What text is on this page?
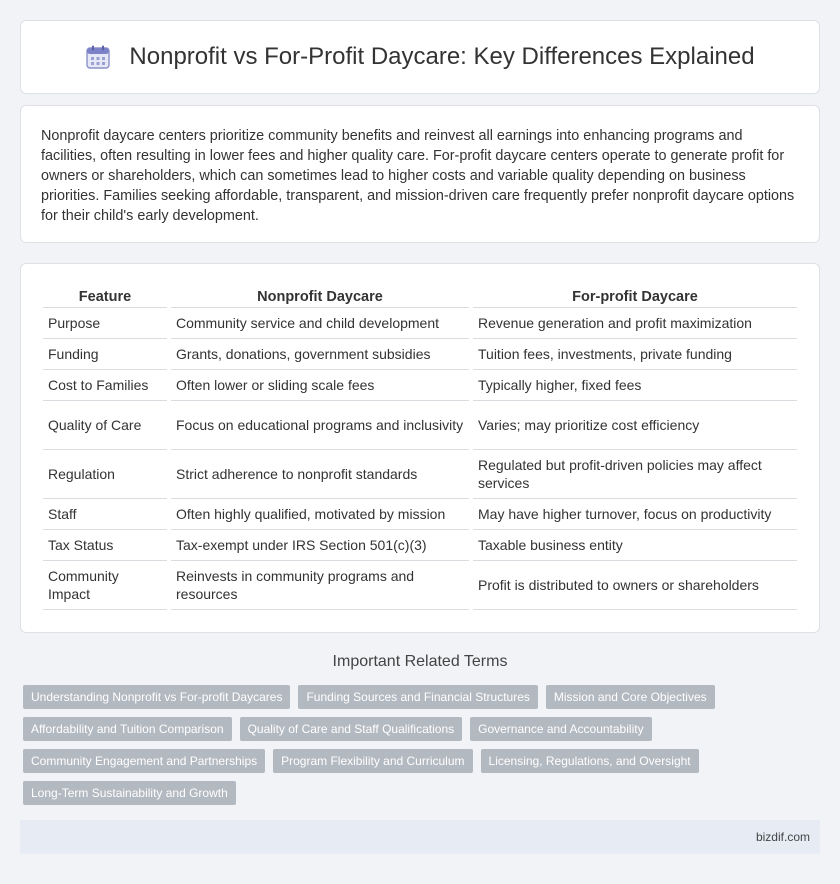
Nonprofit vs For-Profit Daycare: Key Differences Explained

Nonprofit daycare centers prioritize community benefits and reinvest all earnings into enhancing programs and facilities, often resulting in lower fees and higher quality care. For-profit daycare centers operate to generate profit for owners or shareholders, which can sometimes lead to higher costs and variable quality depending on business priorities. Families seeking affordable, transparent, and mission-driven care frequently prefer nonprofit daycare options for their child's early development.

Feature	Nonprofit Daycare	For-profit Daycare
Purpose	Community service and child development	Revenue generation and profit maximization
Funding	Grants, donations, government subsidies	Tuition fees, investments, private funding
Cost to Families	Often lower or sliding scale fees	Typically higher, fixed fees
Quality of Care	Focus on educational programs and inclusivity	Varies; may prioritize cost efficiency
Regulation	Strict adherence to nonprofit standards	Regulated but profit-driven policies may affect services
Staff	Often highly qualified, motivated by mission	May have higher turnover, focus on productivity
Tax Status	Tax-exempt under IRS Section 501(c)(3)	Taxable business entity
Community Impact	Reinvests in community programs and resources	Profit is distributed to owners or shareholders
Important Related Terms
Understanding Nonprofit vs For-profit Daycares	Funding Sources and Financial Structures	Mission and Core Objectives
Affordability and Tuition Comparison	Quality of Care and Staff Qualifications	Governance and Accountability
Community Engagement and Partnerships	Program Flexibility and Curriculum	Licensing, Regulations, and Oversight
Long-Term Sustainability and Growth
bizdif.com
